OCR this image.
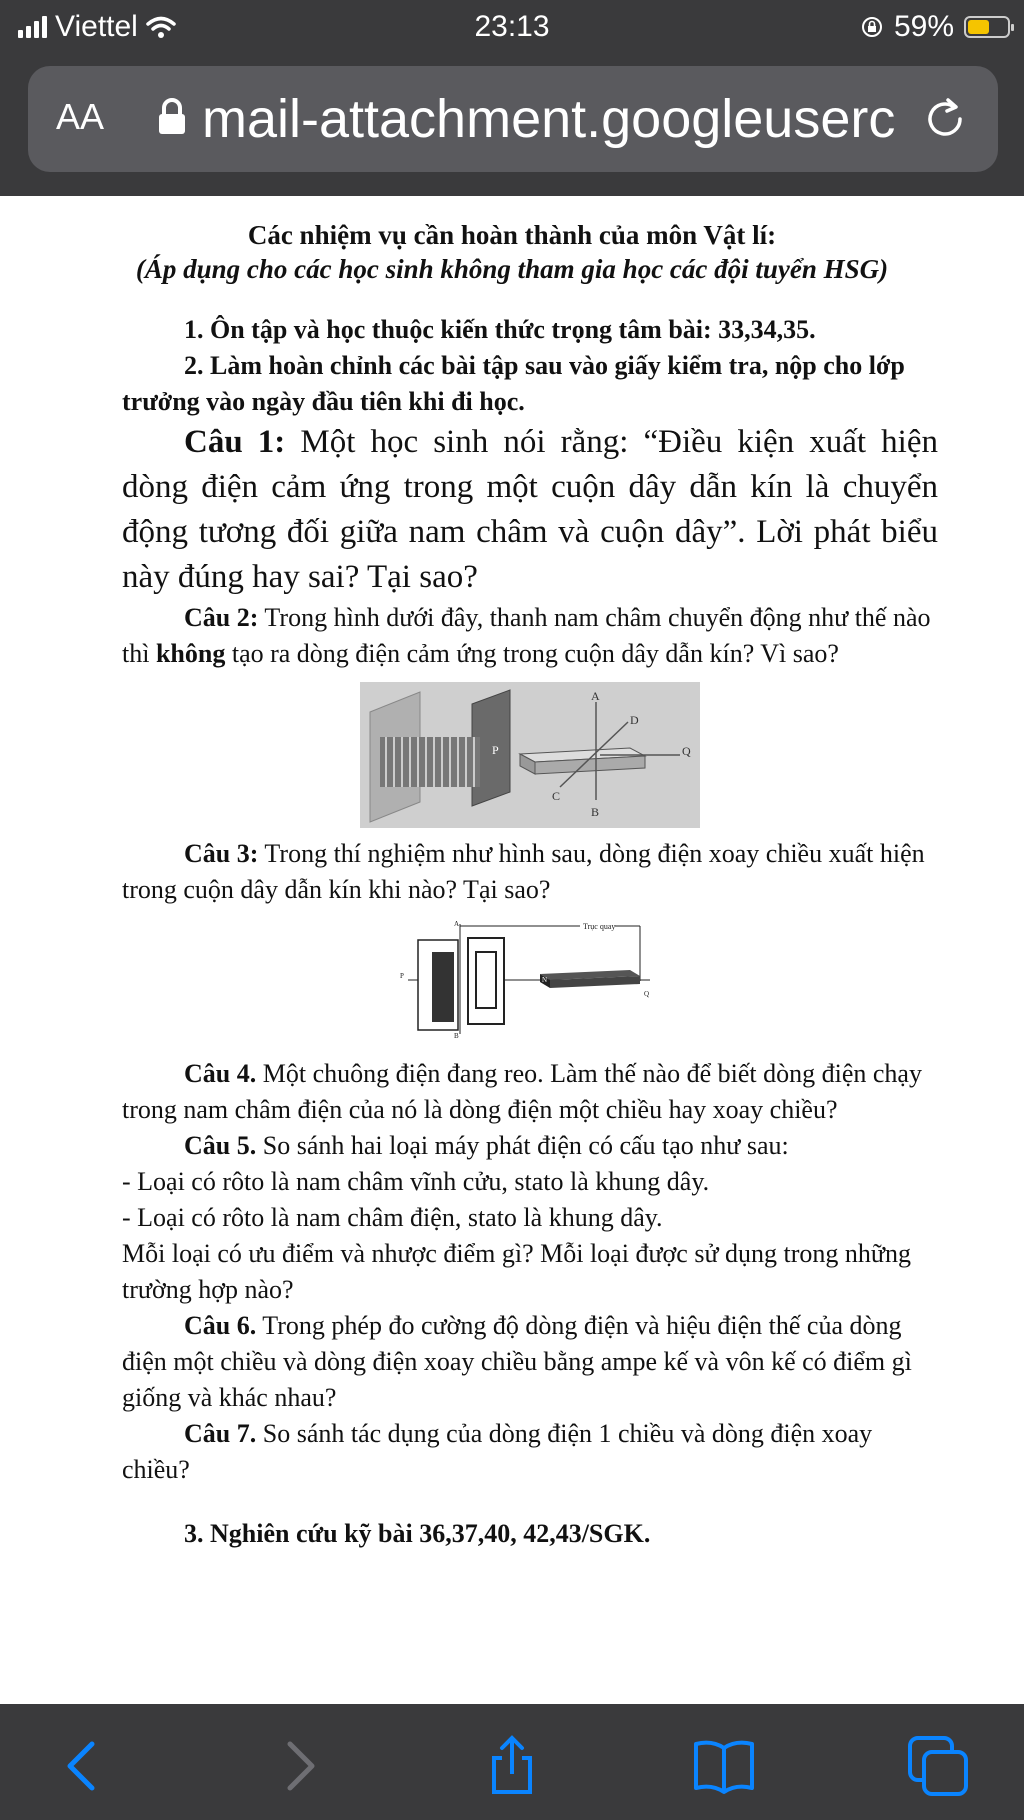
Viettel	23:13	59%
AA mail-attachment.googleuserc
Các nhiệm vụ cần hoàn thành của môn Vật lí:
(Áp dụng cho các học sinh không tham gia học các đội tuyển HSG)

1. Ôn tập và học thuộc kiến thức trọng tâm bài: 33,34,35.

2. Làm hoàn chỉnh các bài tập sau vào giấy kiểm tra, nộp cho lớp trưởng vào ngày đầu tiên khi đi học.

Câu 1: Một học sinh nói rằng: “Điều kiện xuất hiện dòng điện cảm ứng trong một cuộn dây dẫn kín là chuyển động tương đối giữa nam châm và cuộn dây”. Lời phát biểu này đúng hay sai? Tại sao?

Câu 2: Trong hình dưới đây, thanh nam châm chuyển động như thế nào thì không tạo ra dòng điện cảm ứng trong cuộn dây dẫn kín? Vì sao?

P
A
B
C
D
Q

Câu 3: Trong thí nghiệm như hình sau, dòng điện xoay chiều xuất hiện trong cuộn dây dẫn kín khi nào? Tại sao?

Trục quay
A
B
P
Q
N

Câu 4. Một chuông điện đang reo. Làm thế nào để biết dòng điện chạy trong nam châm điện của nó là dòng điện một chiều hay xoay chiều?

Câu 5. So sánh hai loại máy phát điện có cấu tạo như sau:

- Loại có rôto là nam châm vĩnh cửu, stato là khung dây.

- Loại có rôto là nam châm điện, stato là khung dây.

Mỗi loại có ưu điểm và nhược điểm gì? Mỗi loại được sử dụng trong những trường hợp nào?

Câu 6. Trong phép đo cường độ dòng điện và hiệu điện thế của dòng điện một chiều và dòng điện xoay chiều bằng ampe kế và vôn kế có điểm gì giống và khác nhau?

Câu 7. So sánh tác dụng của dòng điện 1 chiều và dòng điện xoay chiều?

3. Nghiên cứu kỹ bài 36,37,40, 42,43/SGK.
